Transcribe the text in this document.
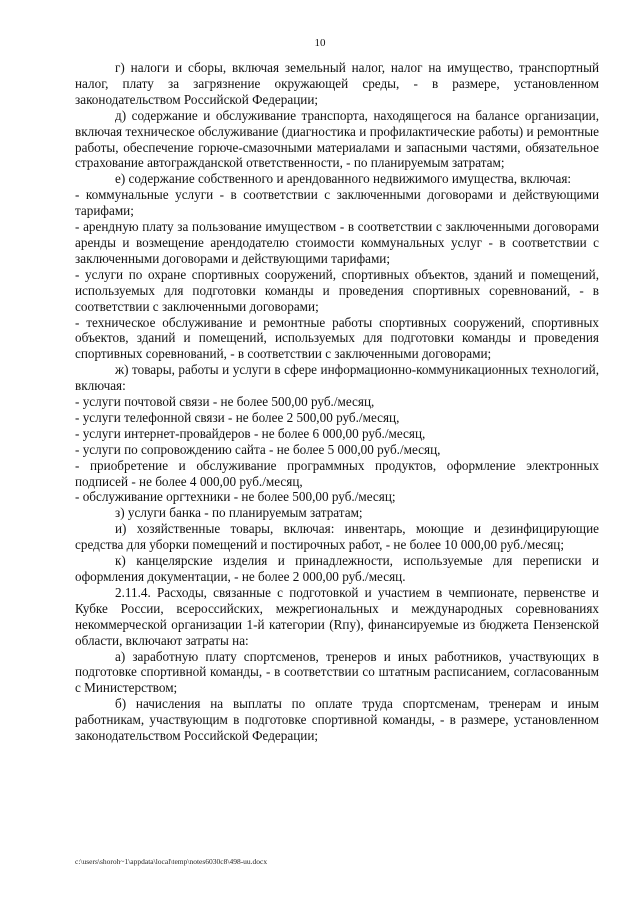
10

г) налоги и сборы, включая земельный налог, налог на имущество, транспортный налог, плату за загрязнение окружающей среды, - в размере, установленном законодательством Российской Федерации;

д) содержание и обслуживание транспорта, находящегося на балансе организации, включая техническое обслуживание (диагностика и профилактические работы) и ремонтные работы, обеспечение горюче-смазочными материалами и запасными частями, обязательное страхование автогражданской ответственности, - по планируемым затратам;

е) содержание собственного и арендованного недвижимого имущества, включая:

- коммунальные услуги - в соответствии с заключенными договорами и действующими тарифами;

- арендную плату за пользование имуществом - в соответствии с заключенными договорами аренды и возмещение арендодателю стоимости коммунальных услуг - в соответствии с заключенными договорами и действующими тарифами;

- услуги по охране спортивных сооружений, спортивных объектов, зданий и помещений, используемых для подготовки команды и проведения спортивных соревнований, - в соответствии с заключенными договорами;

- техническое обслуживание и ремонтные работы спортивных сооружений, спортивных объектов, зданий и помещений, используемых для подготовки команды и проведения спортивных соревнований, - в соответствии с заключенными договорами;

ж) товары, работы и услуги в сфере информационно-коммуникационных технологий, включая:

- услуги почтовой связи - не более 500,00 руб./месяц,

- услуги телефонной связи - не более 2 500,00 руб./месяц,

- услуги интернет-провайдеров - не более 6 000,00 руб./месяц,

- услуги по сопровождению сайта - не более 5 000,00 руб./месяц,

- приобретение и обслуживание программных продуктов, оформление электронных подписей - не более 4 000,00 руб./месяц,

- обслуживание оргтехники - не более 500,00 руб./месяц;

з) услуги банка - по планируемым затратам;

и) хозяйственные товары, включая: инвентарь, моющие и дезинфицирующие средства для уборки помещений и постирочных работ, - не более 10 000,00 руб./месяц;

к) канцелярские изделия и принадлежности, используемые для переписки и оформления документации, - не более 2 000,00 руб./месяц.

2.11.4. Расходы, связанные с подготовкой и участием в чемпионате, первенстве и Кубке России, всероссийских, межрегиональных и международных соревнованиях некоммерческой организации 1-й категории (Rпу), финансируемые из бюджета Пензенской области, включают затраты на:

а) заработную плату спортсменов, тренеров и иных работников, участвующих в подготовке спортивной команды, - в соответствии со штатным расписанием, согласованным с Министерством;

б) начисления на выплаты по оплате труда спортсменам, тренерам и иным работникам, участвующим в подготовке спортивной команды, - в размере, установленном законодательством Российской Федерации;

c:\users\shoroh~1\appdata\local\temp\notes6030c8\498-uu.docx
